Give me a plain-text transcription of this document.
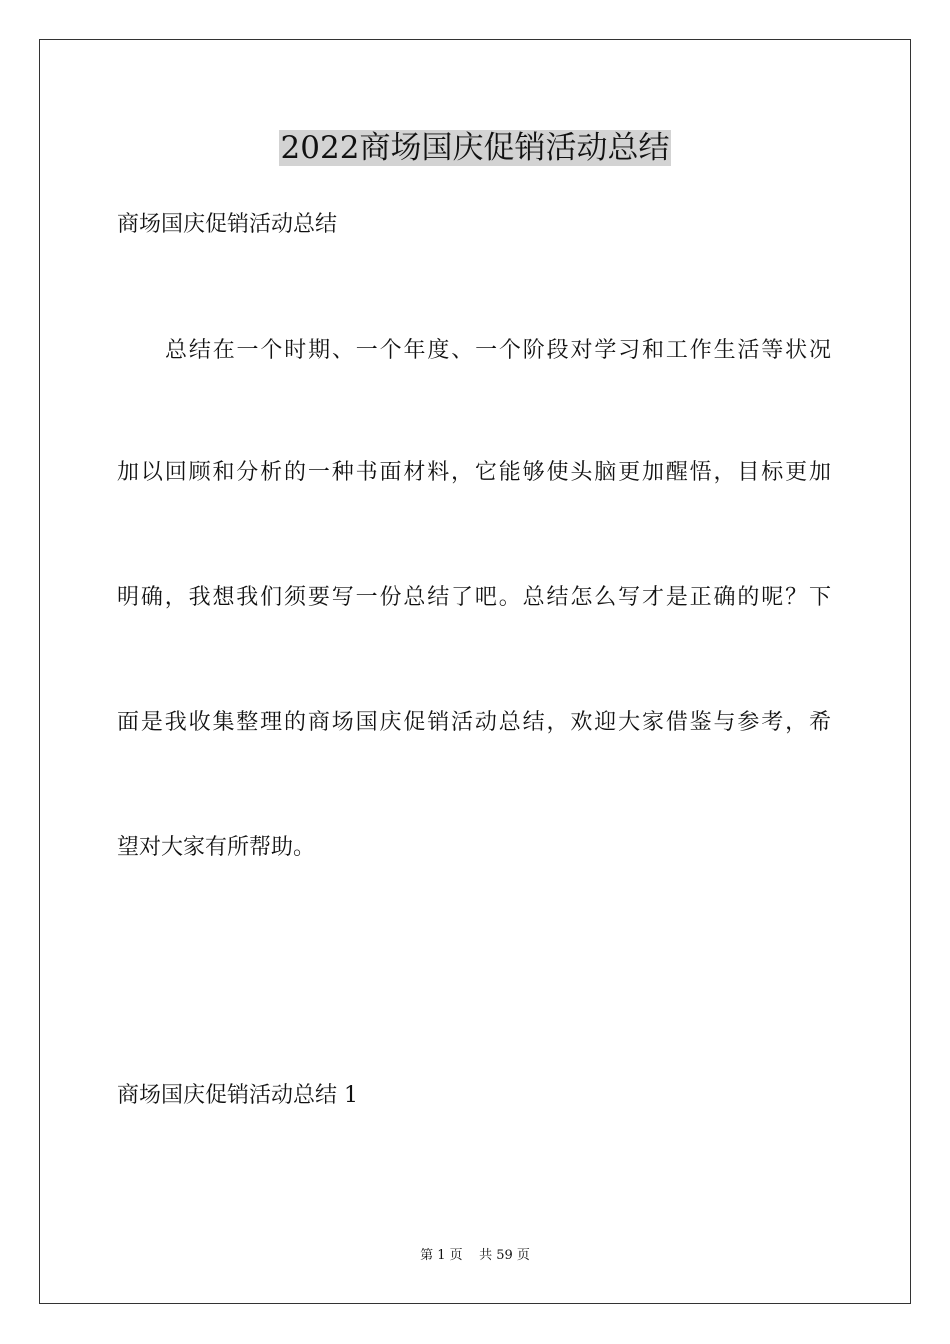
2022商场国庆促销活动总结

商场国庆促销活动总结

总结在一个时期、一个年度、一个阶段对学习和工作生活等状况

加以回顾和分析的一种书面材料，它能够使头脑更加醒悟，目标更加

明确，我想我们须要写一份总结了吧。总结怎么写才是正确的呢？下

面是我收集整理的商场国庆促销活动总结，欢迎大家借鉴与参考，希

望对大家有所帮助。

商场国庆促销活动总结 1

第 1 页    共 59 页
